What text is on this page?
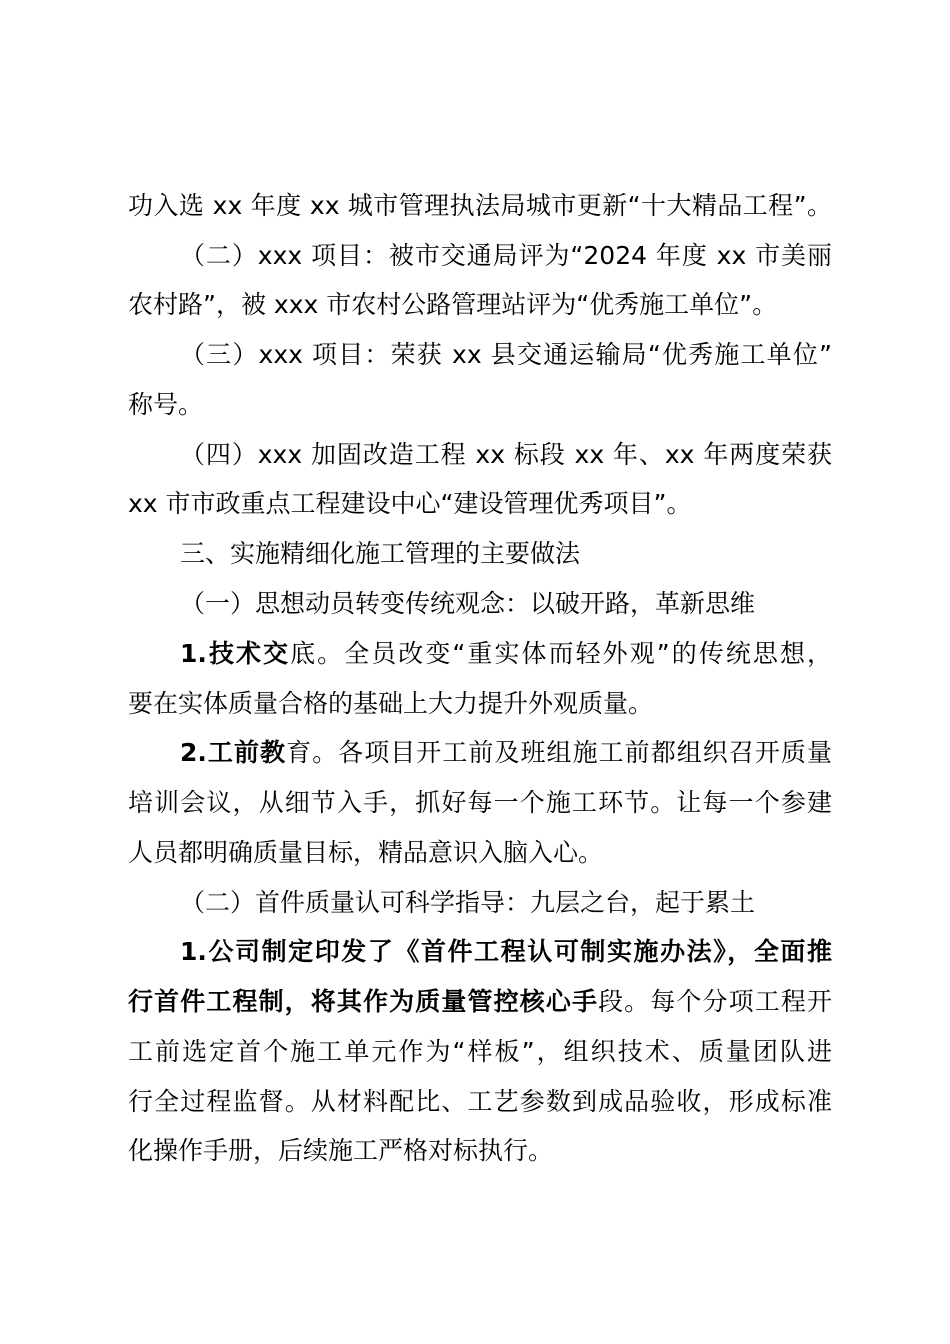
功入选 xx 年度 xx 城市管理执法局城市更新“十大精品工程”。
（二）xxx 项目：被市交通局评为“2024 年度 xx 市美丽
农村路”，被 xxx 市农村公路管理站评为“优秀施工单位”。
（三）xxx 项目：荣获 xx 县交通运输局“优秀施工单位”
称号。
（四）xxx 加固改造工程 xx 标段 xx 年、xx 年两度荣获
xx 市市政重点工程建设中心“建设管理优秀项目”。
三、实施精细化施工管理的主要做法
（一）思想动员转变传统观念：以破开路，革新思维
1.技术交底。全员改变“重实体而轻外观”的传统思想，
要在实体质量合格的基础上大力提升外观质量。
2.工前教育。各项目开工前及班组施工前都组织召开质量
培训会议，从细节入手，抓好每一个施工环节。让每一个参建
人员都明确质量目标，精品意识入脑入心。
（二）首件质量认可科学指导：九层之台，起于累土
1.公司制定印发了《首件工程认可制实施办法》，全面推
行首件工程制，将其作为质量管控核心手段。每个分项工程开
工前选定首个施工单元作为“样板”，组织技术、质量团队进
行全过程监督。从材料配比、工艺参数到成品验收，形成标准
化操作手册，后续施工严格对标执行。
